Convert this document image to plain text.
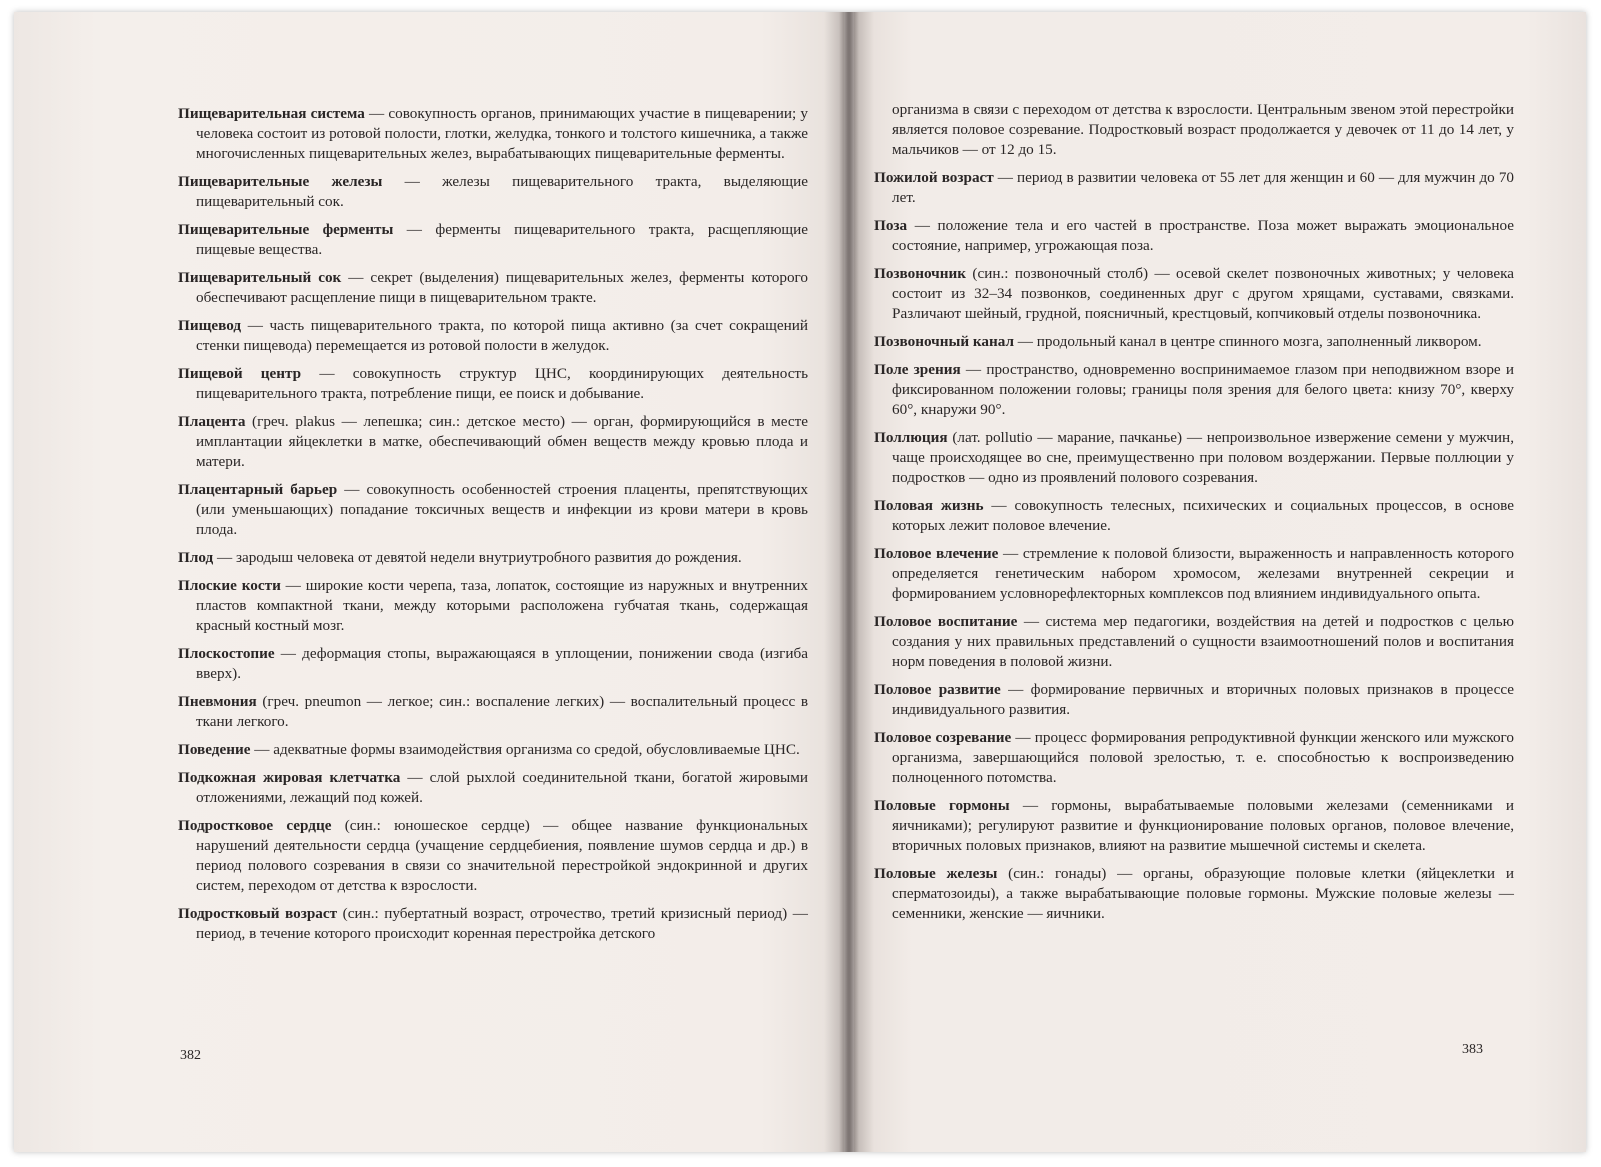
Пищеварительная система — совокупность органов, принимающих участие в пищеварении; у человека состоит из ротовой полости, глотки, желудка, тонкого и толстого кишечника, а также многочисленных пищеварительных желез, вырабатывающих пищеварительные ферменты.

Пищеварительные железы — железы пищеварительного тракта, выделяющие пищеварительный сок.

Пищеварительные ферменты — ферменты пищеварительного тракта, расщепляющие пищевые вещества.

Пищеварительный сок — секрет (выделения) пищеварительных желез, ферменты которого обеспечивают расщепление пищи в пищеварительном тракте.

Пищевод — часть пищеварительного тракта, по которой пища активно (за счет сокращений стенки пищевода) перемещается из ротовой полости в желудок.

Пищевой центр — совокупность структур ЦНС, координирующих деятельность пищеварительного тракта, потребление пищи, ее поиск и добывание.

Плацента (греч. plakus — лепешка; син.: детское место) — орган, формирующийся в месте имплантации яйцеклетки в матке, обеспечивающий обмен веществ между кровью плода и матери.

Плацентарный барьер — совокупность особенностей строения плаценты, препятствующих (или уменьшающих) попадание токсичных веществ и инфекции из крови матери в кровь плода.

Плод — зародыш человека от девятой недели внутриутробного развития до рождения.

Плоские кости — широкие кости черепа, таза, лопаток, состоящие из наружных и внутренних пластов компактной ткани, между которыми расположена губчатая ткань, содержащая красный костный мозг.

Плоскостопие — деформация стопы, выражающаяся в уплощении, понижении свода (изгиба вверх).

Пневмония (греч. pneumon — легкое; син.: воспаление легких) — воспалительный процесс в ткани легкого.

Поведение — адекватные формы взаимодействия организма со средой, обусловливаемые ЦНС.

Подкожная жировая клетчатка — слой рыхлой соединительной ткани, богатой жировыми отложениями, лежащий под кожей.

Подростковое сердце (син.: юношеское сердце) — общее название функциональных нарушений деятельности сердца (учащение сердцебиения, появление шумов сердца и др.) в период полового созревания в связи со значительной перестройкой эндокринной и других систем, переходом от детства к взрослости.

Подростковый возраст (син.: пубертатный возраст, отрочество, третий кризисный период) — период, в течение которого происходит коренная перестройка детского

382

организма в связи с переходом от детства к взрослости. Центральным звеном этой перестройки является половое созревание. Подростковый возраст продолжается у девочек от 11 до 14 лет, у мальчиков — от 12 до 15.

Пожилой возраст — период в развитии человека от 55 лет для женщин и 60 — для мужчин до 70 лет.

Поза — положение тела и его частей в пространстве. Поза может выражать эмоциональное состояние, например, угрожающая поза.

Позвоночник (син.: позвоночный столб) — осевой скелет позвоночных животных; у человека состоит из 32–34 позвонков, соединенных друг с другом хрящами, суставами, связками. Различают шейный, грудной, поясничный, крестцовый, копчиковый отделы позвоночника.

Позвоночный канал — продольный канал в центре спинного мозга, заполненный ликвором.

Поле зрения — пространство, одновременно воспринимаемое глазом при неподвижном взоре и фиксированном положении головы; границы поля зрения для белого цвета: книзу 70°, кверху 60°, кнаружи 90°.

Поллюция (лат. pollutio — марание, пачканье) — непроизвольное извержение семени у мужчин, чаще происходящее во сне, преимущественно при половом воздержании. Первые поллюции у подростков — одно из проявлений полового созревания.

Половая жизнь — совокупность телесных, психических и социальных процессов, в основе которых лежит половое влечение.

Половое влечение — стремление к половой близости, выраженность и направленность которого определяется генетическим набором хромосом, железами внутренней секреции и формированием условнорефлекторных комплексов под влиянием индивидуального опыта.

Половое воспитание — система мер педагогики, воздействия на детей и подростков с целью создания у них правильных представлений о сущности взаимоотношений полов и воспитания норм поведения в половой жизни.

Половое развитие — формирование первичных и вторичных половых признаков в процессе индивидуального развития.

Половое созревание — процесс формирования репродуктивной функции женского или мужского организма, завершающийся половой зрелостью, т. е. способностью к воспроизведению полноценного потомства.

Половые гормоны — гормоны, вырабатываемые половыми железами (семенниками и яичниками); регулируют развитие и функционирование половых органов, половое влечение, вторичных половых признаков, влияют на развитие мышечной системы и скелета.

Половые железы (син.: гонады) — органы, образующие половые клетки (яйцеклетки и сперматозоиды), а также вырабатывающие половые гормоны. Мужские половые железы — семенники, женские — яичники.

383
